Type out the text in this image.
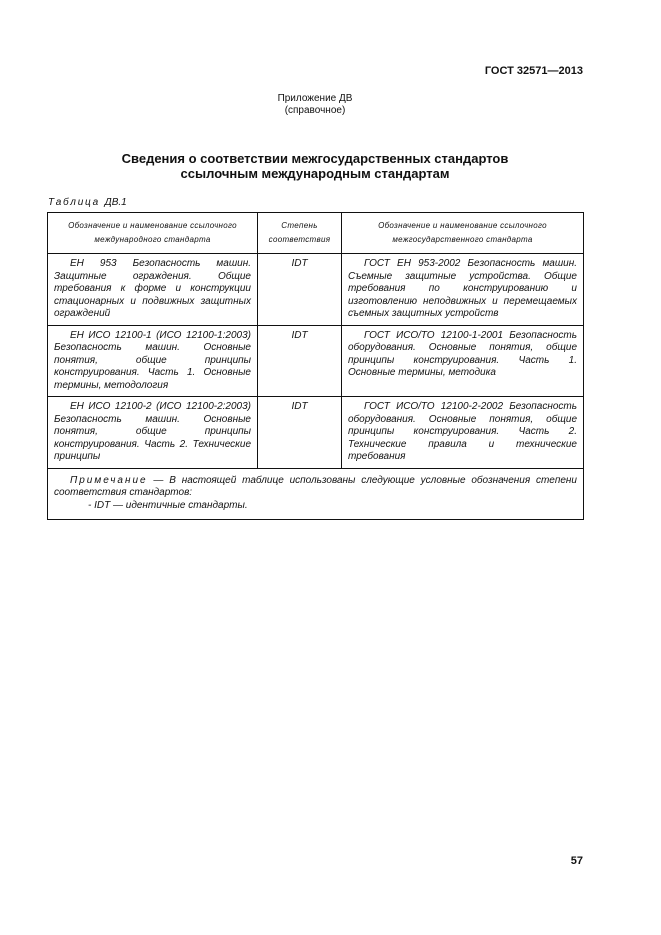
ГОСТ 32571—2013
Приложение ДВ
(справочное)
Сведения о соответствии межгосударственных стандартов
ссылочным международным стандартам
Таблица ДВ.1
Обозначение и наименование ссылочного международного стандарта	Степень соответствия	Обозначение и наименование ссылочного межгосударственного стандарта
ЕН 953 Безопасность машин. Защитные ограждения. Общие требования к форме и конструкции стационарных и подвижных защитных ограждений	IDT	ГОСТ ЕН 953-2002 Безопасность машин. Съемные защитные устройства. Общие требования по конструированию и изготовлению неподвижных и перемещаемых съемных защитных устройств
ЕН ИСО 12100-1 (ИСО 12100-1:2003) Безопасность машин. Основные понятия, общие принципы конструирования. Часть 1. Основные термины, методология	IDT	ГОСТ ИСО/ТО 12100-1-2001 Безопасность оборудования. Основные понятия, общие принципы конструирования. Часть 1. Основные термины, методика
ЕН ИСО 12100-2 (ИСО 12100-2:2003) Безопасность машин. Основные понятия, общие принципы конструирования. Часть 2. Технические принципы	IDT	ГОСТ ИСО/ТО 12100-2-2002 Безопасность оборудования. Основные понятия, общие принципы конструирования. Часть 2. Технические правила и технические требования

Примечание — В настоящей таблице использованы следующие условные обозначения степени соответствия стандартов:
- IDT — идентичные стандарты.		
57
